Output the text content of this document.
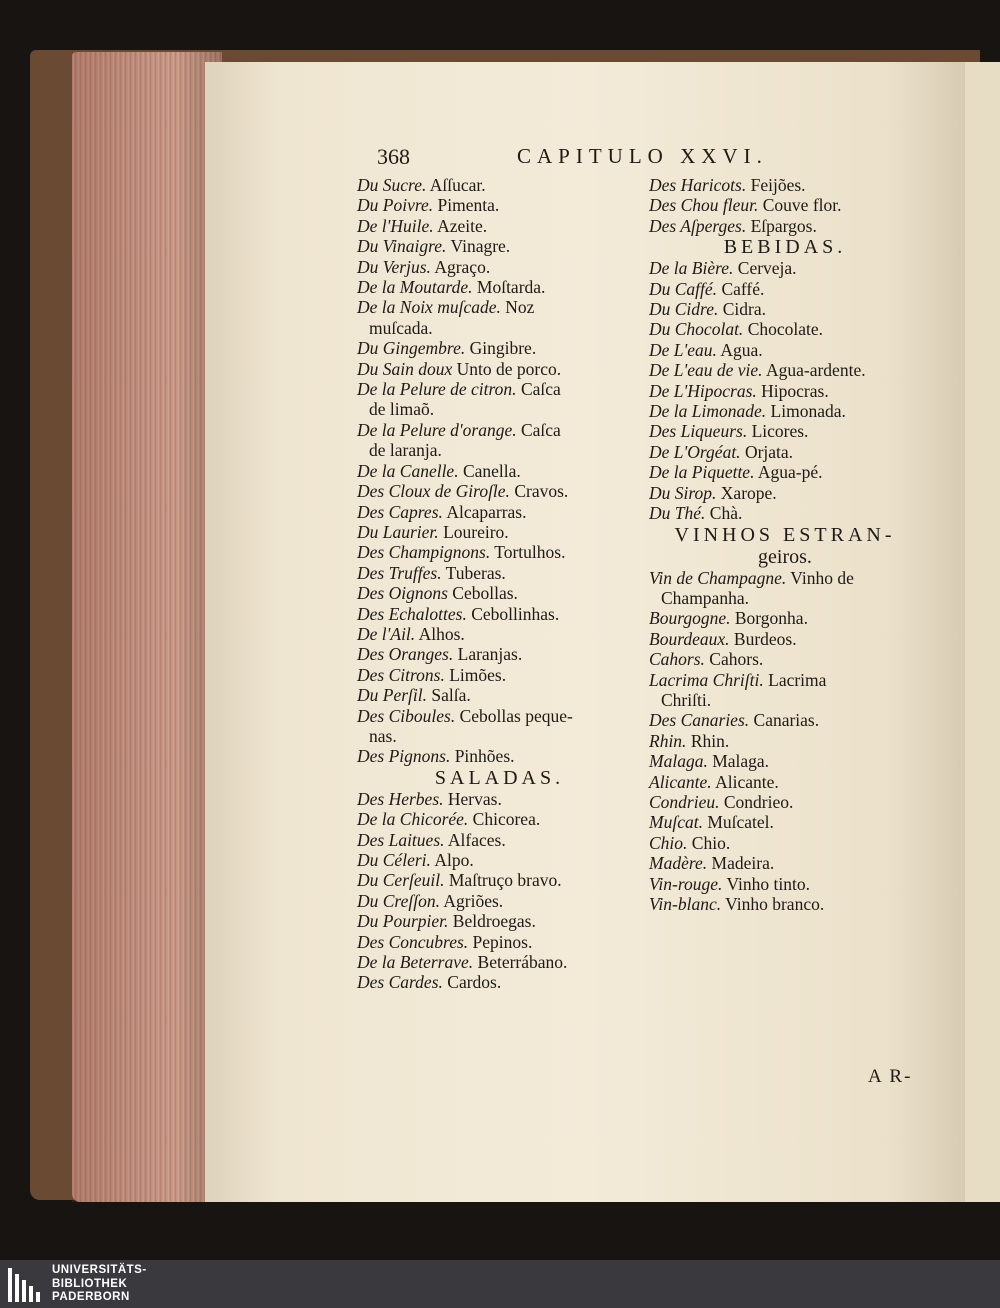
368	CAPITULO XXVI.
Du Sucre. Aſſucar.
Du Poivre. Pimenta.
De l'Huile. Azeite.
Du Vinaigre. Vinagre.
Du Verjus. Agraço.
De la Moutarde. Moſtarda.
De la Noix muſcade. Noz
muſcada.
Du Gingembre. Gingibre.
Du Sain doux Unto de porco.
De la Pelure de citron. Caſca
de limaõ.
De la Pelure d'orange. Caſca
de laranja.
De la Canelle. Canella.
Des Cloux de Giroſle. Cravos.
Des Capres. Alcaparras.
Du Laurier. Loureiro.
Des Champignons. Tortulhos.
Des Truffes. Tuberas.
Des Oignons Cebollas.
Des Echalottes. Cebollinhas.
De l'Ail. Alhos.
Des Oranges. Laranjas.
Des Citrons. Limões.
Du Perſil. Salſa.
Des Ciboules. Cebollas peque-
nas.
Des Pignons. Pinhões.
SALADAS.
Des Herbes. Hervas.
De la Chicorée. Chicorea.
Des Laitues. Alfaces.
Du Céleri. Alpo.
Du Cerſeuil. Maſtruço bravo.
Du Creſſon. Agriões.
Du Pourpier. Beldroegas.
Des Concubres. Pepinos.
De la Beterrave. Beterrábano.
Des Cardes. Cardos.
Des Haricots. Feijões.
Des Chou fleur. Couve flor.
Des Aſperges. Eſpargos.
BEBIDAS.
De la Bière. Cerveja.
Du Caffé. Caffé.
Du Cidre. Cidra.
Du Chocolat. Chocolate.
De L'eau. Agua.
De L'eau de vie. Agua-ardente.
De L'Hipocras. Hipocras.
De la Limonade. Limonada.
Des Liqueurs. Licores.
De L'Orgéat. Orjata.
De la Piquette. Agua-pé.
Du Sirop. Xarope.
Du Thé. Chà.
VINHOS ESTRAN-
geiros.
Vin de Champagne. Vinho de
Champanha.
Bourgogne. Borgonha.
Bourdeaux. Burdeos.
Cahors. Cahors.
Lacrima Chriſti. Lacrima
Chriſti.
Des Canaries. Canarias.
Rhin. Rhin.
Malaga. Malaga.
Alicante. Alicante.
Condrieu. Condrieo.
Muſcat. Muſcatel.
Chio. Chio.
Madère. Madeira.
Vin-rouge. Vinho tinto.
Vin-blanc. Vinho branco.
A R-
UNIVERSITÄTS-
BIBLIOTHEK
PADERBORN
